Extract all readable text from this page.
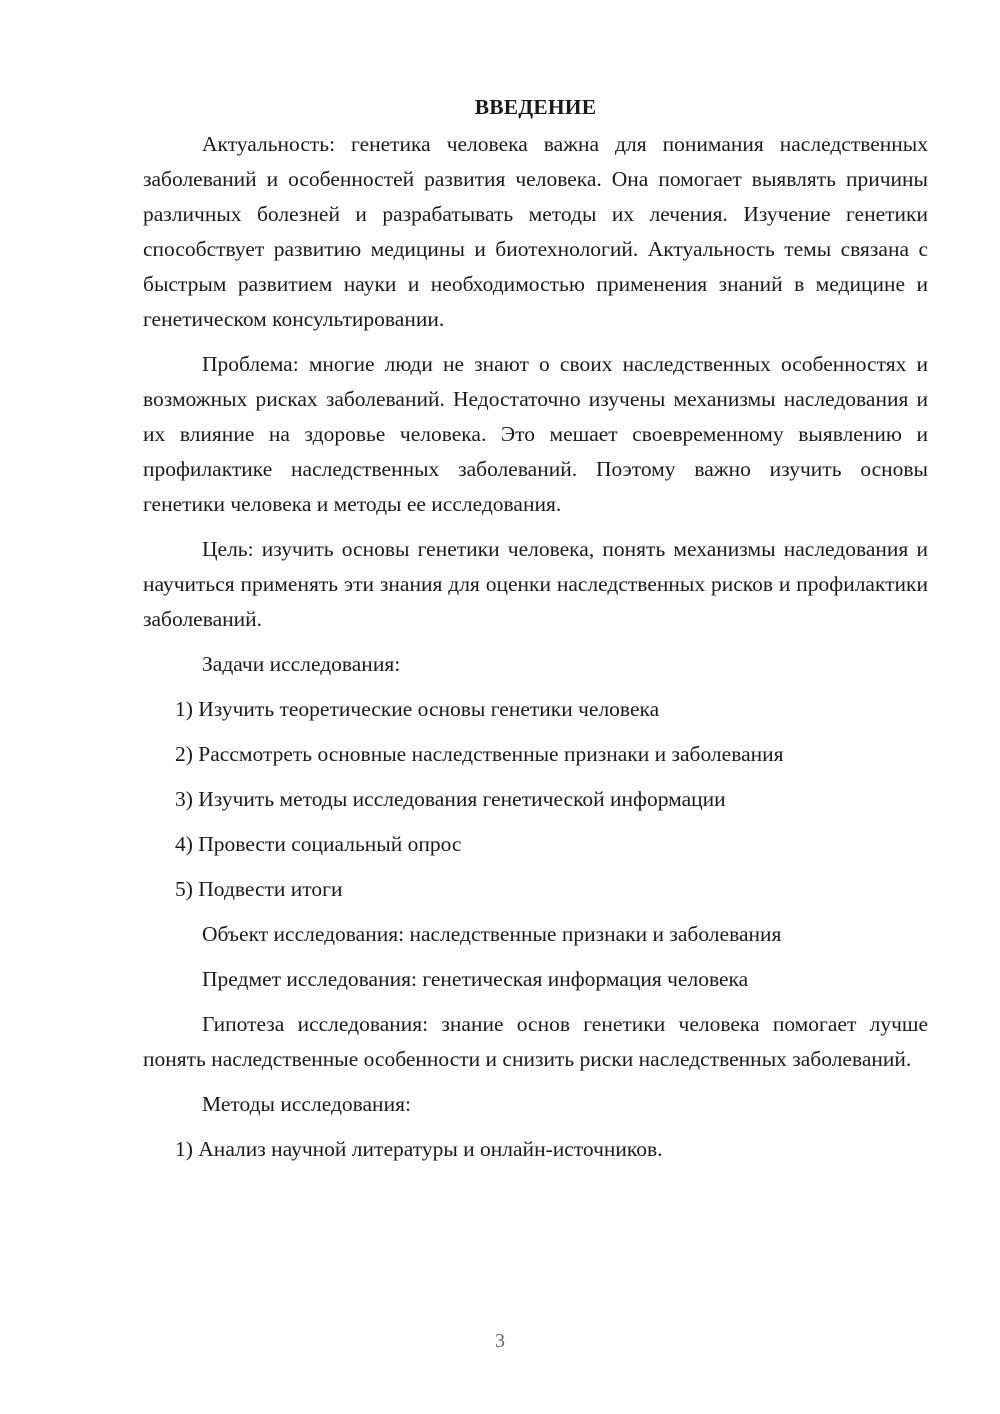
ВВЕДЕНИЕ

Актуальность: генетика человека важна для понимания наследственных заболеваний и особенностей развития человека. Она помогает выявлять причины различных болезней и разрабатывать методы их лечения. Изучение генетики способствует развитию медицины и биотехнологий. Актуальность темы связана с быстрым развитием науки и необходимостью применения знаний в медицине и генетическом консультировании.

Проблема: многие люди не знают о своих наследственных особенностях и возможных рисках заболеваний. Недостаточно изучены механизмы наследования и их влияние на здоровье человека. Это мешает своевременному выявлению и профилактике наследственных заболеваний. Поэтому важно изучить основы генетики человека и методы ее исследования.

Цель: изучить основы генетики человека, понять механизмы наследования и научиться применять эти знания для оценки наследственных рисков и профилактики заболеваний.

Задачи исследования:
1) Изучить теоретические основы генетики человека
2) Рассмотреть основные наследственные признаки и заболевания
3) Изучить методы исследования генетической информации
4) Провести социальный опрос
5) Подвести итоги
Объект исследования: наследственные признаки и заболевания
Предмет исследования: генетическая информация человека

Гипотеза исследования: знание основ генетики человека помогает лучше понять наследственные особенности и снизить риски наследственных заболеваний.

Методы исследования:
1) Анализ научной литературы и онлайн-источников.
3
